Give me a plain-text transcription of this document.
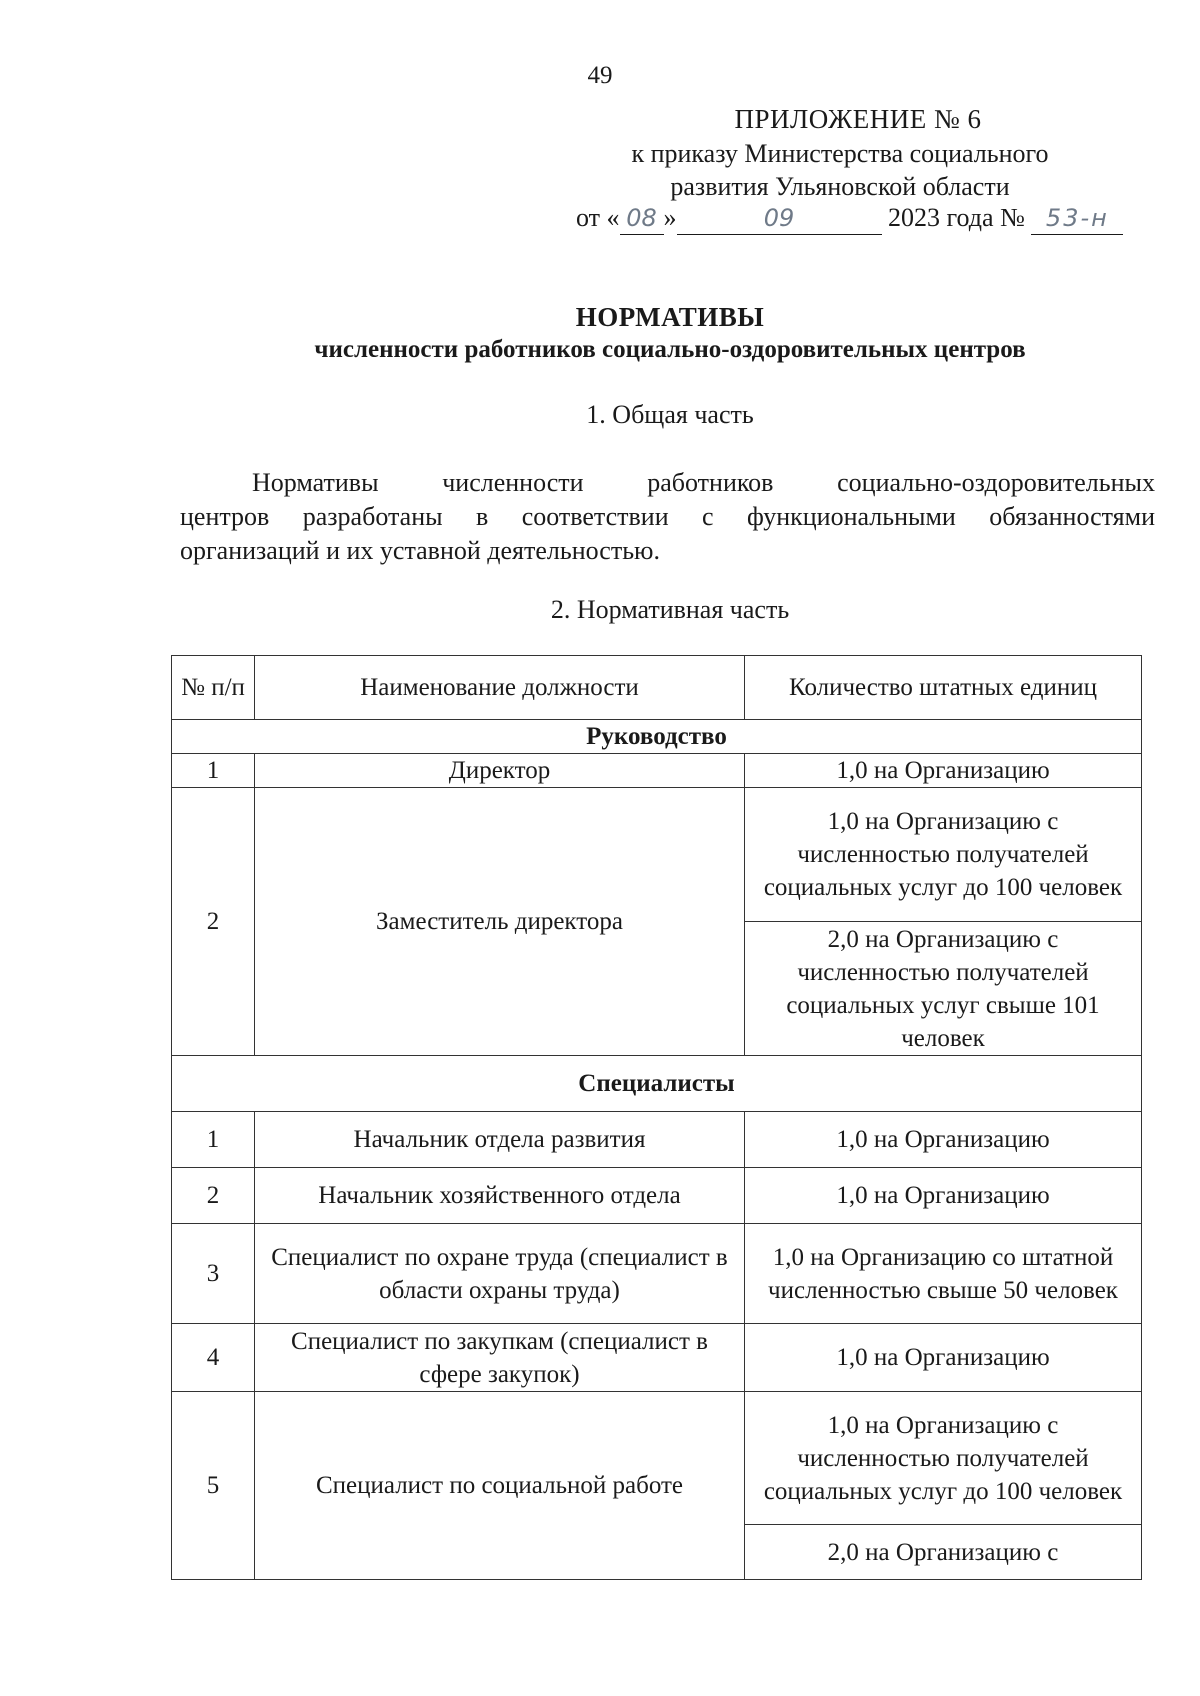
49
ПРИЛОЖЕНИЕ № 6
к приказу Министерства социального
развития Ульяновской области
от « 08 »	09	2023 года № 53-н
НОРМАТИВЫ
численности работников социально-оздоровительных центров
1. Общая часть
Нормативы численности работников социально-оздоровительных
центров разработаны в соответствии с функциональными обязанностями
организаций и их уставной деятельностью.
2. Нормативная часть
№ п/п	Наименование должности	Количество штатных единиц
Руководство		
1	Директор	1,0 на Организацию
2	Заместитель директора	1,0 на Организацию с численностью получателей социальных услуг до 100 человек
		2,0 на Организацию с численностью получателей социальных услуг свыше 101 человек
Специалисты		
1	Начальник отдела развития	1,0 на Организацию
2	Начальник хозяйственного отдела	1,0 на Организацию
3	Специалист по охране труда (специалист в области охраны труда)	1,0 на Организацию со штатной численностью свыше 50 человек
4	Специалист по закупкам (специалист в сфере закупок)	1,0 на Организацию
5	Специалист по социальной работе	1,0 на Организацию с численностью получателей социальных услуг до 100 человек
		2,0 на Организацию с
